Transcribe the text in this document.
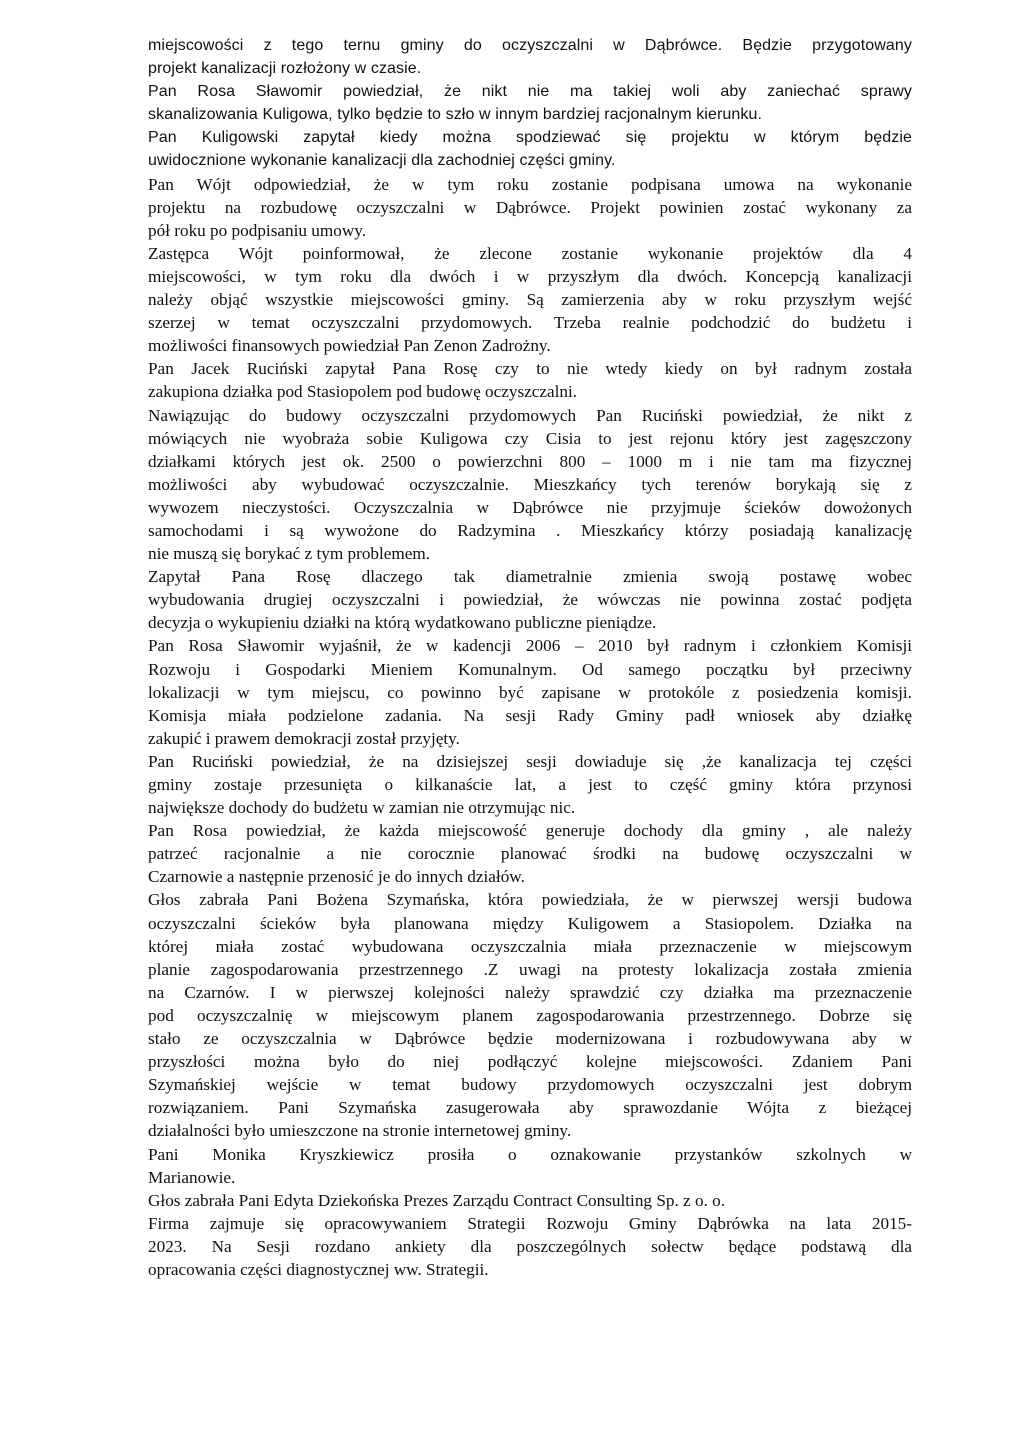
miejscowości z tego ternu gminy do oczyszczalni w Dąbrówce. Będzie przygotowany
projekt kanalizacji rozłożony w czasie.

Pan Rosa Sławomir powiedział, że nikt nie ma takiej woli aby zaniechać sprawy
skanalizowania Kuligowa, tylko będzie to szło w innym bardziej racjonalnym kierunku.

Pan Kuligowski zapytał kiedy można spodziewać się projektu w którym będzie
uwidocznione wykonanie kanalizacji dla zachodniej części gminy.

Pan Wójt odpowiedział, że w tym roku zostanie podpisana umowa na wykonanie
projektu na rozbudowę oczyszczalni w Dąbrówce. Projekt powinien zostać wykonany za
pół roku po podpisaniu umowy.

Zastępca Wójt poinformował, że zlecone zostanie wykonanie projektów dla 4
miejscowości, w tym roku dla dwóch i w przyszłym dla dwóch. Koncepcją kanalizacji
należy objąć wszystkie miejscowości gminy. Są zamierzenia aby w roku przyszłym wejść
szerzej w temat oczyszczalni przydomowych. Trzeba realnie podchodzić do budżetu i
możliwości finansowych powiedział Pan Zenon Zadrożny.

Pan Jacek Ruciński zapytał Pana Rosę czy to nie wtedy kiedy on był radnym została
zakupiona działka pod Stasiopolem pod budowę oczyszczalni.

Nawiązując do budowy oczyszczalni przydomowych Pan Ruciński powiedział, że nikt z
mówiących nie wyobraża sobie Kuligowa czy Cisia to jest rejonu który jest zagęszczony
działkami których jest ok. 2500 o powierzchni 800 – 1000 m i nie tam ma fizycznej
możliwości aby wybudować oczyszczalnie. Mieszkańcy tych terenów borykają się z
wywozem nieczystości. Oczyszczalnia w Dąbrówce nie przyjmuje ścieków dowożonych
samochodami i są wywożone do Radzymina . Mieszkańcy którzy posiadają kanalizację
nie muszą się borykać z tym problemem.

Zapytał Pana Rosę dlaczego tak diametralnie zmienia swoją postawę wobec
wybudowania drugiej oczyszczalni i powiedział, że wówczas nie powinna zostać podjęta
decyzja o wykupieniu działki na którą wydatkowano publiczne pieniądze.

Pan Rosa Sławomir wyjaśnił, że w kadencji 2006 – 2010 był radnym i członkiem Komisji
Rozwoju i Gospodarki Mieniem Komunalnym. Od samego początku był przeciwny
lokalizacji w tym miejscu, co powinno być zapisane w protokóle z posiedzenia komisji.
Komisja miała podzielone zadania. Na sesji Rady Gminy padł wniosek aby działkę
zakupić i prawem demokracji został przyjęty.

Pan Ruciński powiedział, że na dzisiejszej sesji dowiaduje się ,że kanalizacja tej części
gminy zostaje przesunięta o kilkanaście lat, a jest to część gminy która przynosi
największe dochody do budżetu w zamian nie otrzymując nic.

Pan Rosa powiedział, że każda miejscowość generuje dochody dla gminy , ale należy
patrzeć racjonalnie a nie corocznie planować środki na budowę oczyszczalni w
Czarnowie a następnie przenosić je do innych działów.

Głos zabrała Pani Bożena Szymańska, która powiedziała, że w pierwszej wersji budowa
oczyszczalni ścieków była planowana między Kuligowem a Stasiopolem. Działka na
której miała zostać wybudowana oczyszczalnia miała przeznaczenie w miejscowym
planie zagospodarowania przestrzennego .Z uwagi na protesty lokalizacja została zmienia
na Czarnów. I w pierwszej kolejności należy sprawdzić czy działka ma przeznaczenie
pod oczyszczalnię w miejscowym planem zagospodarowania przestrzennego. Dobrze się
stało ze oczyszczalnia w Dąbrówce będzie modernizowana i rozbudowywana aby w
przyszłości można było do niej podłączyć kolejne miejscowości. Zdaniem Pani
Szymańskiej wejście w temat budowy przydomowych oczyszczalni jest dobrym
rozwiązaniem. Pani Szymańska zasugerowała aby sprawozdanie Wójta z bieżącej
działalności było umieszczone na stronie internetowej gminy.

Pani Monika Kryszkiewicz prosiła o oznakowanie przystanków szkolnych w
Marianowie.

Głos zabrała Pani Edyta Dziekońska Prezes Zarządu Contract Consulting Sp. z o. o.

Firma zajmuje się opracowywaniem Strategii Rozwoju Gminy Dąbrówka na lata 2015-
2023. Na Sesji rozdano ankiety dla poszczególnych sołectw będące podstawą dla
opracowania części diagnostycznej ww. Strategii.
